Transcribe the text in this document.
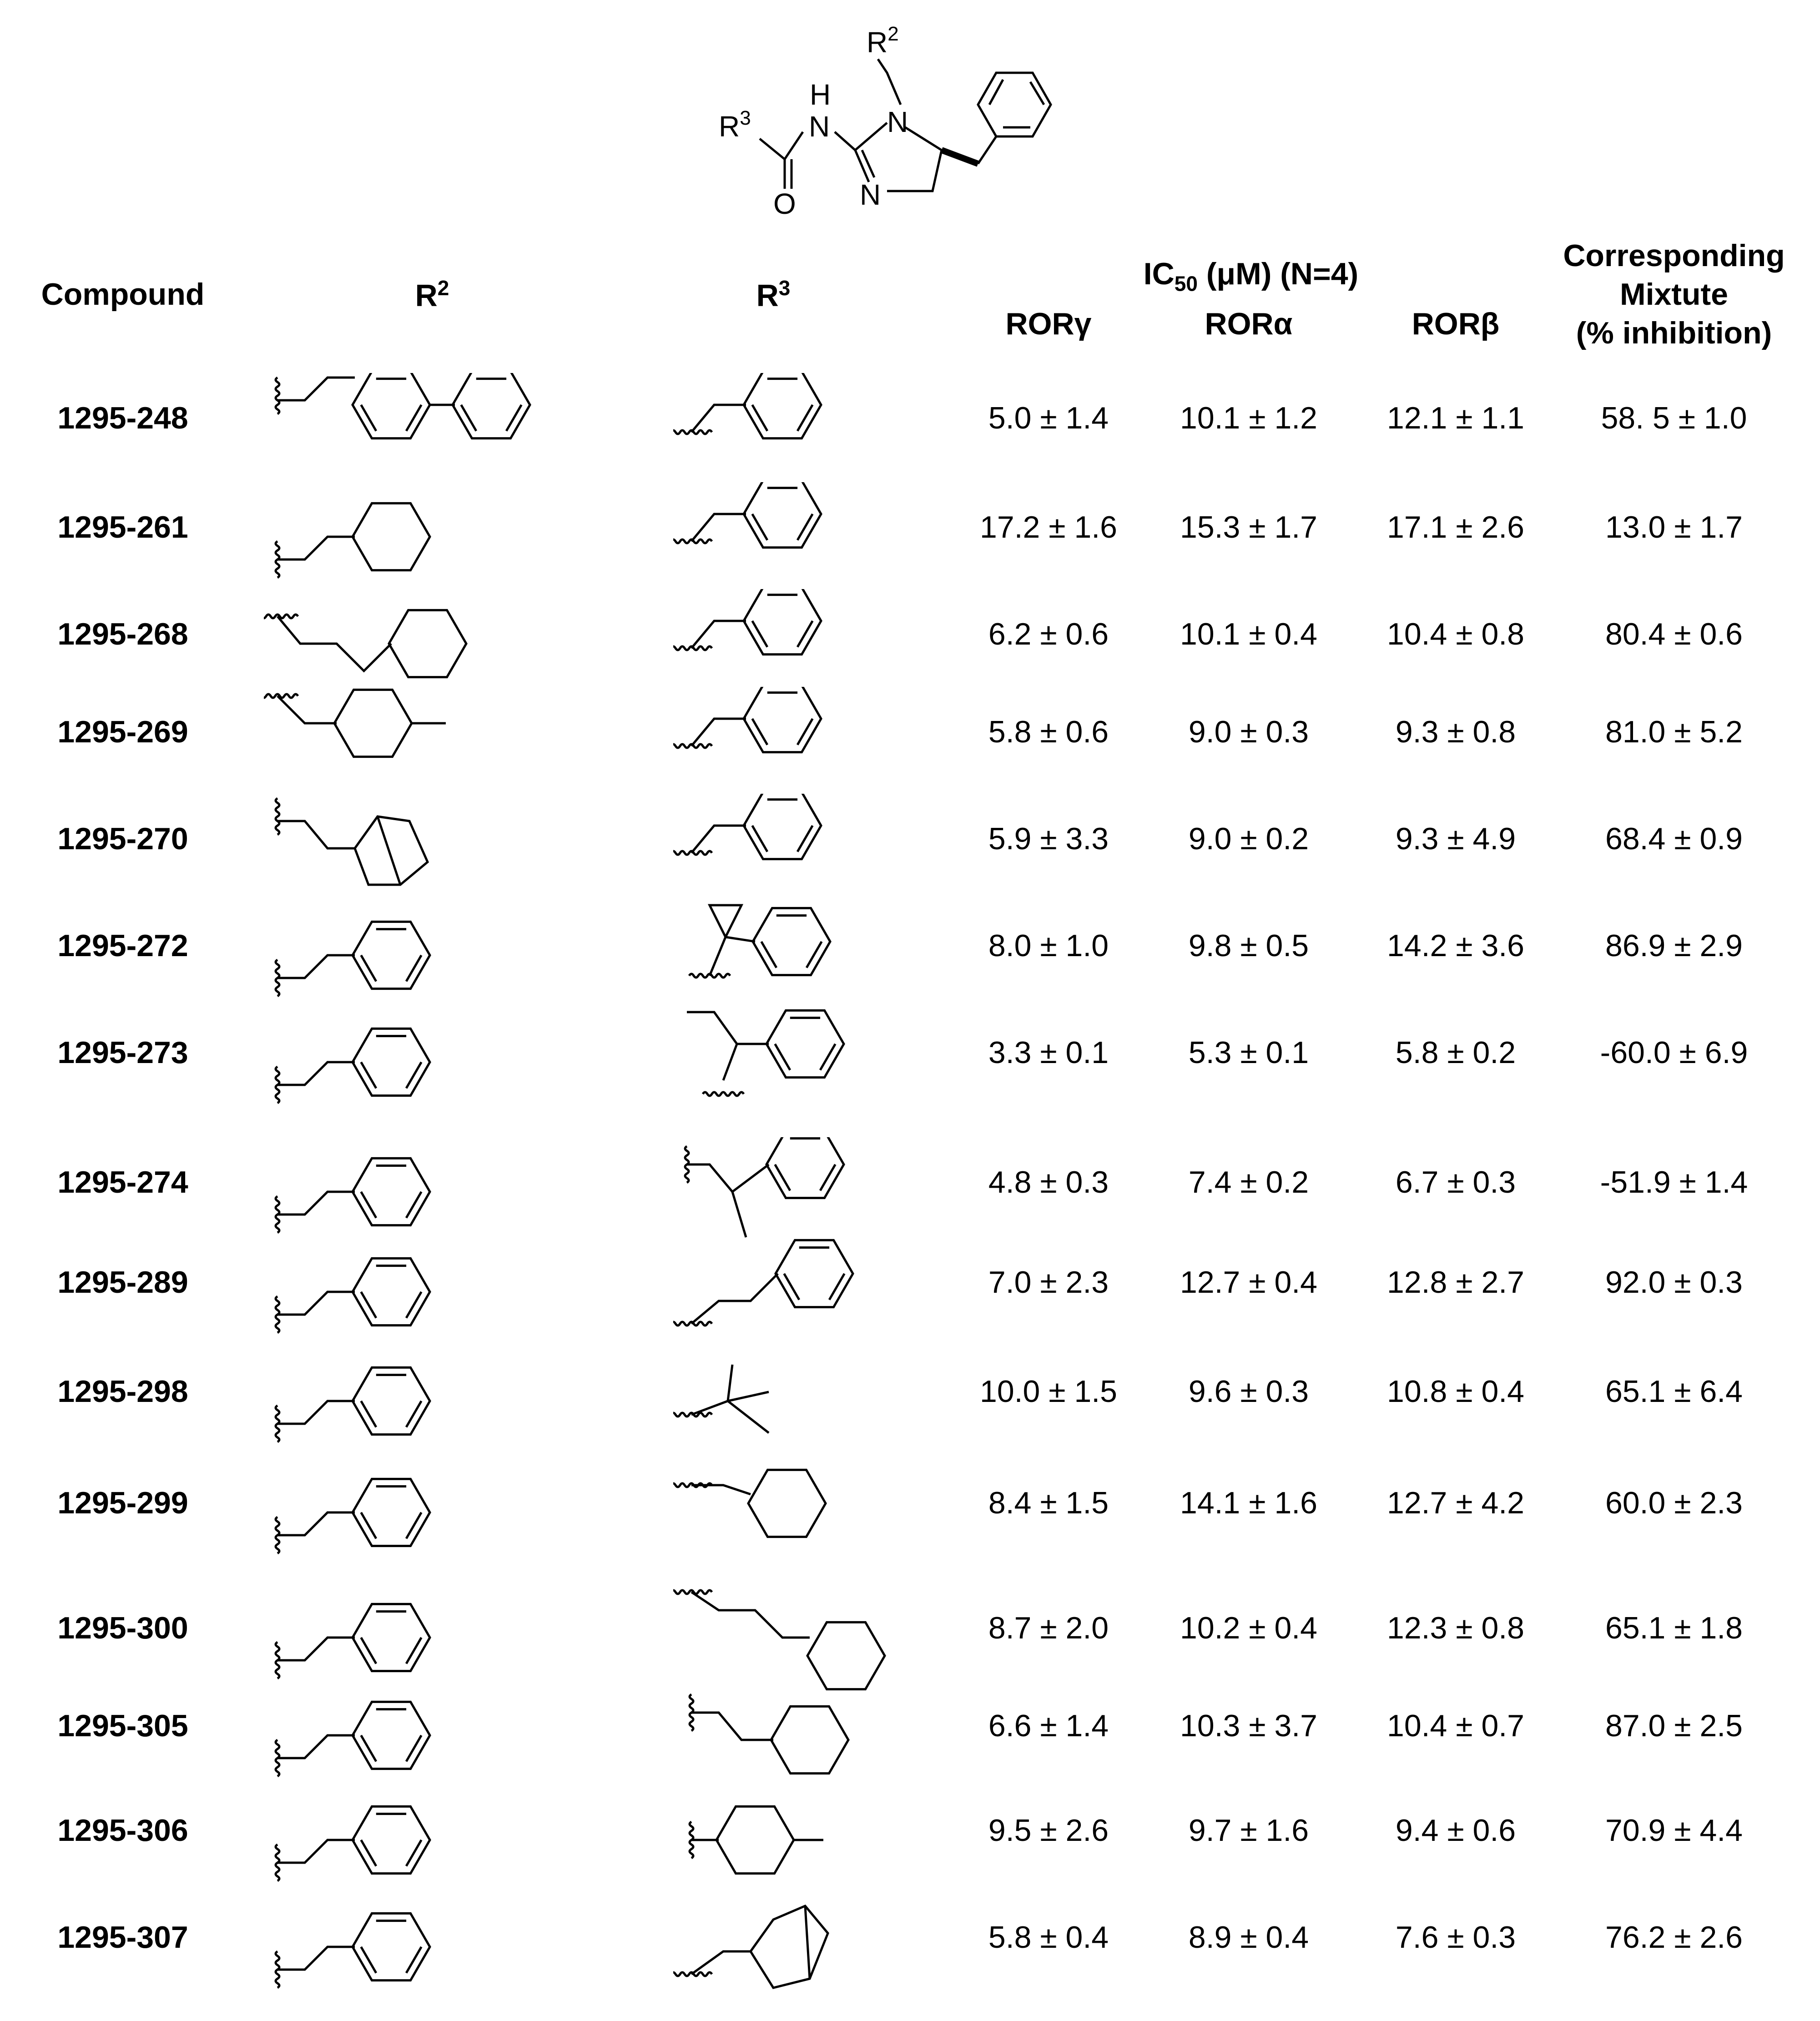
$R^2$
$R^3$
H
N N
N
O
Compound	$R^2$	$R^3$	$IC_{50}$ (μM) (N=4)
RORγ	RORα	RORβ
Corresponding
Mixtute
(% inhibition)
1295-248	5.0 ± 1.4	10.1 ± 1.2	12.1 ± 1.1	58. 5 ± 1.0
1295-261	17.2 ± 1.6	15.3 ± 1.7	17.1 ± 2.6	13.0 ± 1.7
1295-268	6.2 ± 0.6	10.1 ± 0.4	10.4 ± 0.8	80.4 ± 0.6
1295-269	5.8 ± 0.6	9.0 ± 0.3	9.3 ± 0.8	81.0 ± 5.2
1295-270	5.9 ± 3.3	9.0 ± 0.2	9.3 ± 4.9	68.4 ± 0.9
1295-272	8.0 ± 1.0	9.8 ± 0.5	14.2 ± 3.6	86.9 ± 2.9
1295-273	3.3 ± 0.1	5.3 ± 0.1	5.8 ± 0.2	-60.0 ± 6.9
1295-274	4.8 ± 0.3	7.4 ± 0.2	6.7 ± 0.3	-51.9 ± 1.4
1295-289	7.0 ± 2.3	12.7 ± 0.4	12.8 ± 2.7	92.0 ± 0.3
1295-298	10.0 ± 1.5	9.6 ± 0.3	10.8 ± 0.4	65.1 ± 6.4
1295-299	8.4 ± 1.5	14.1 ± 1.6	12.7 ± 4.2	60.0 ± 2.3
1295-300	8.7 ± 2.0	10.2 ± 0.4	12.3 ± 0.8	65.1 ± 1.8
1295-305	6.6 ± 1.4	10.3 ± 3.7	10.4 ± 0.7	87.0 ± 2.5
1295-306	9.5 ± 2.6	9.7 ± 1.6	9.4 ± 0.6	70.9 ± 4.4
1295-307	5.8 ± 0.4	8.9 ± 0.4	7.6 ± 0.3	76.2 ± 2.6
